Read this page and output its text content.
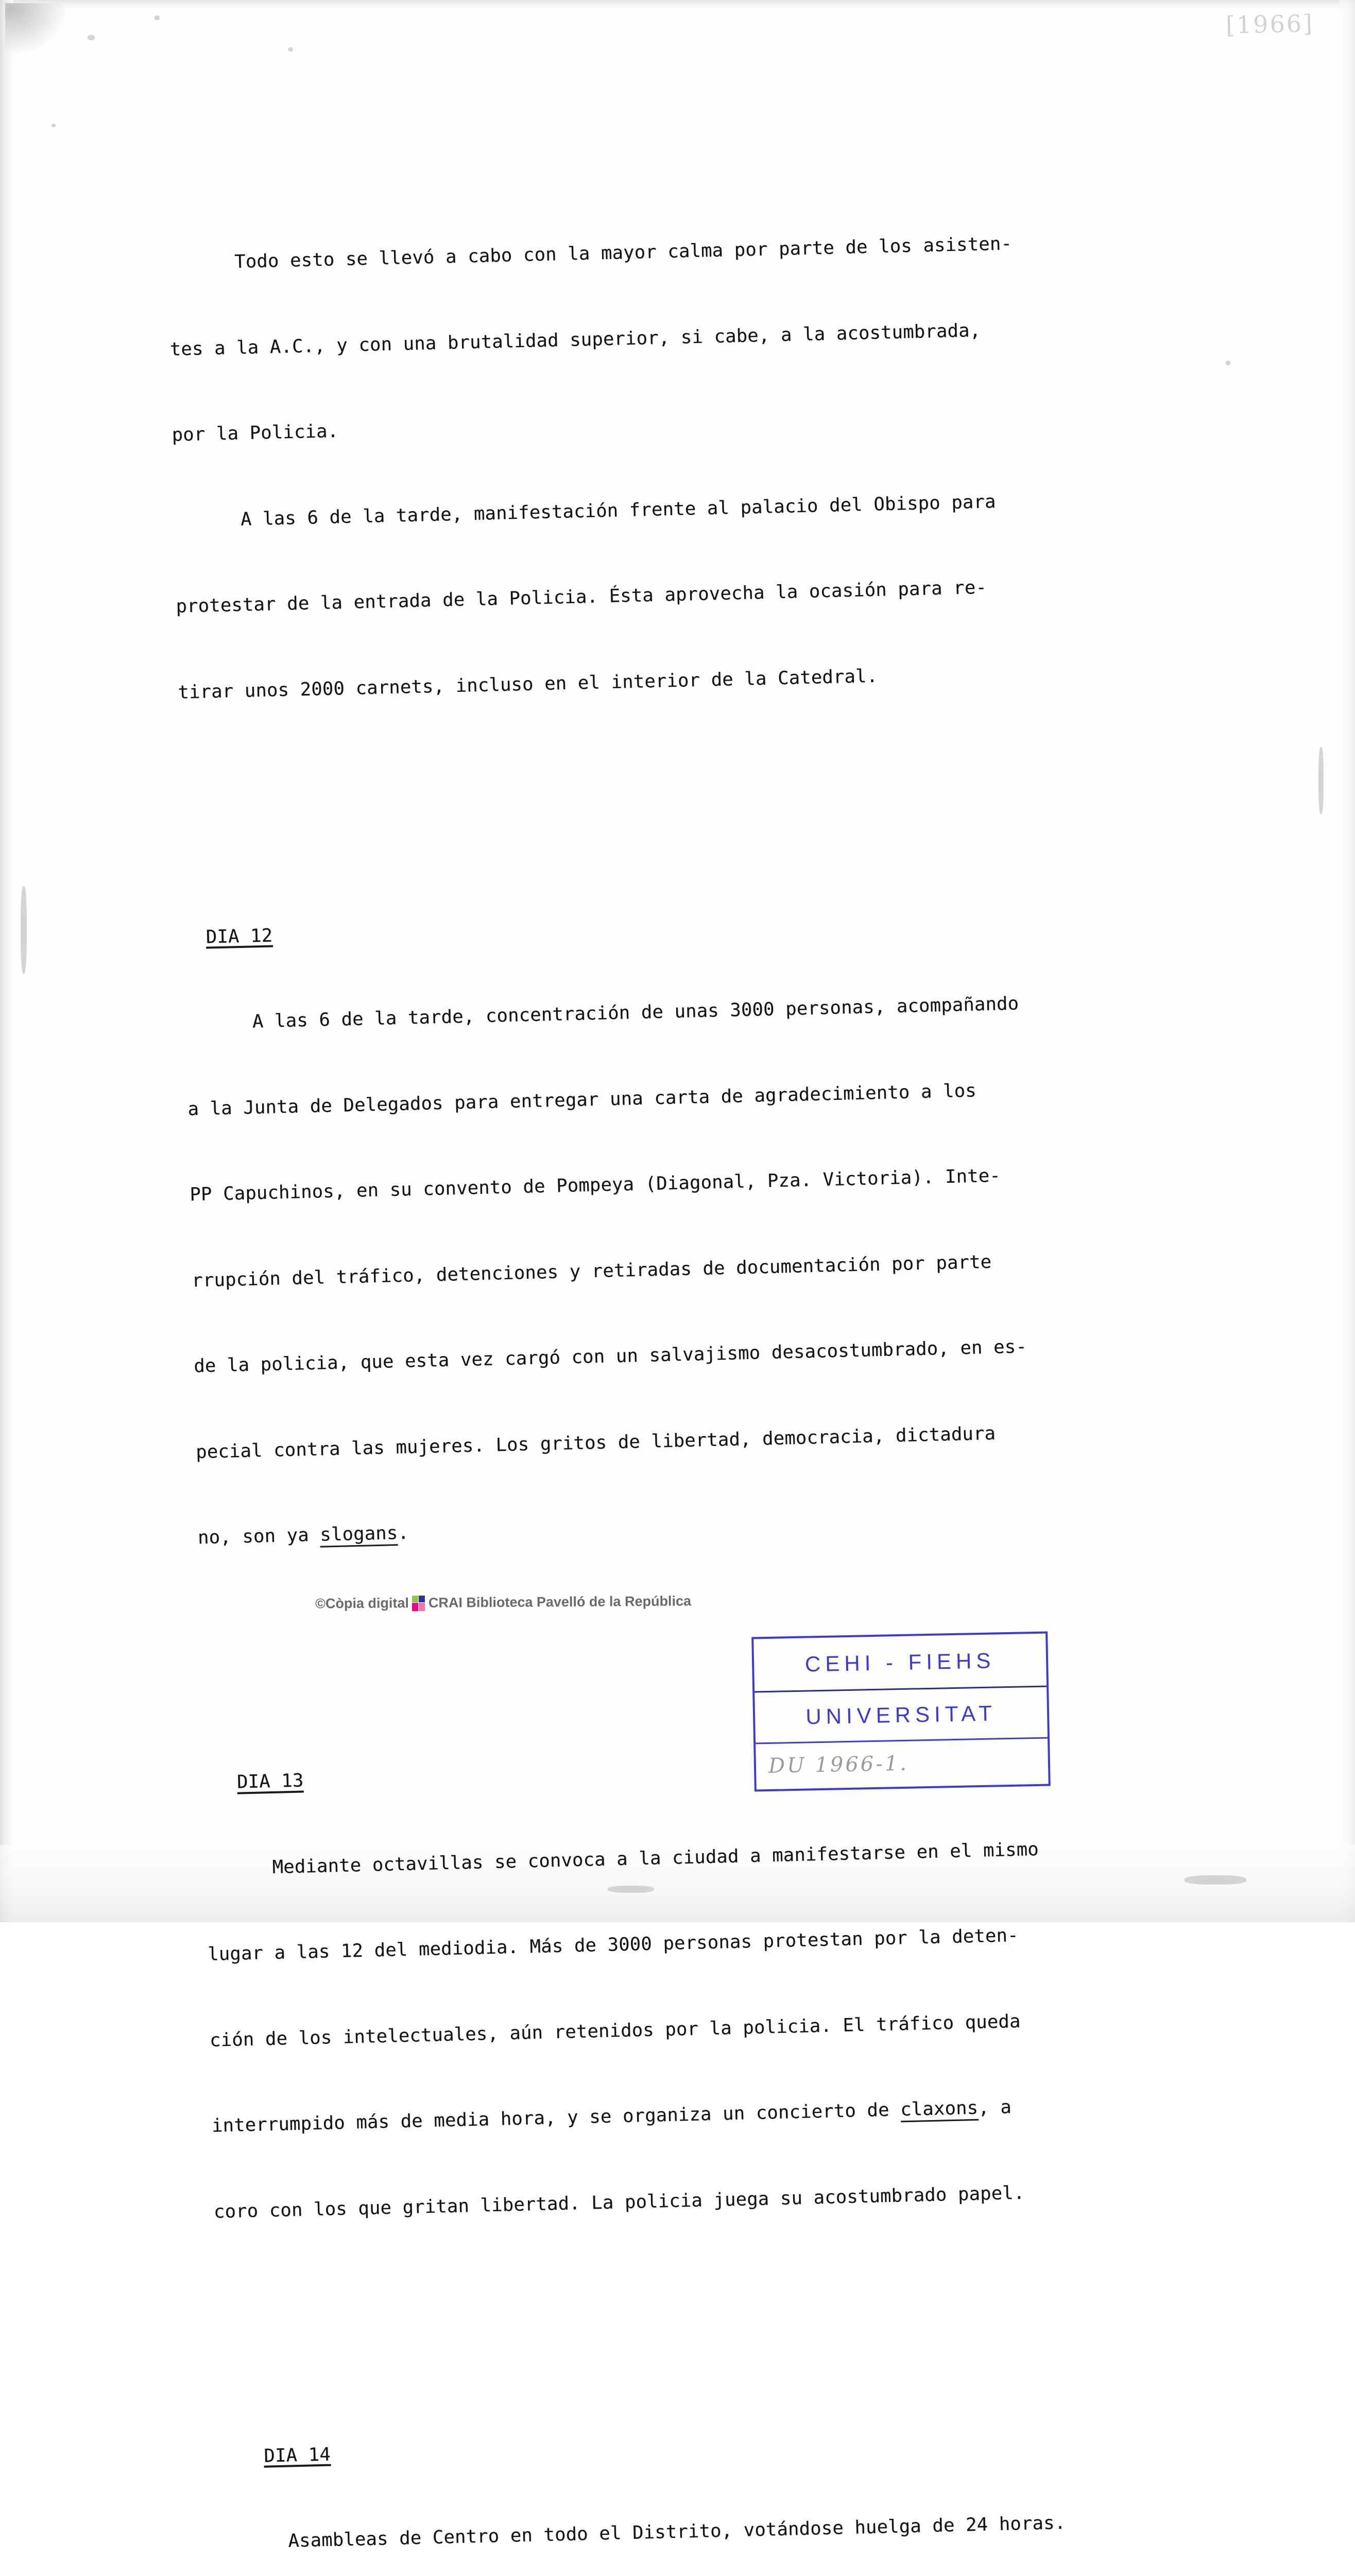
[1966]

Todo esto se llevó a cabo con la mayor calma por parte de los asisten-

tes a la A.C., y con una brutalidad superior, si cabe, a la acostumbrada,

por la Policia.

A las 6 de la tarde, manifestación frente al palacio del Obispo para

protestar de la entrada de la Policia. Ésta aprovecha la ocasión para re-

tirar unos 2000 carnets, incluso en el interior de la Catedral.

DIA 12

A las 6 de la tarde, concentración de unas 3000 personas, acompañando

a la Junta de Delegados para entregar una carta de agradecimiento a los

PP Capuchinos, en su convento de Pompeya (Diagonal, Pza. Victoria). Inte-

rrupción del tráfico, detenciones y retiradas de documentación por parte

de la policia, que esta vez cargó con un salvajismo desacostumbrado, en es-

pecial contra las mujeres. Los gritos de libertad, democracia, dictadura

no, son ya slogans.

DIA 13

Mediante octavillas se convoca a la ciudad a manifestarse en el mismo

lugar a las 12 del mediodia. Más de 3000 personas protestan por la deten-

ción de los intelectuales, aún retenidos por la policia. El tráfico queda

interrumpido más de media hora, y se organiza un concierto de claxons, a

coro con los que gritan libertad. La policia juega su acostumbrado papel.

DIA 14

Asambleas de Centro en todo el Distrito, votándose huelga de 24 horas.

©Còpia digital CRAI Biblioteca Pavelló de la República
CEHI - FIEHS
UNIVERSITAT
DU 1966-1.
